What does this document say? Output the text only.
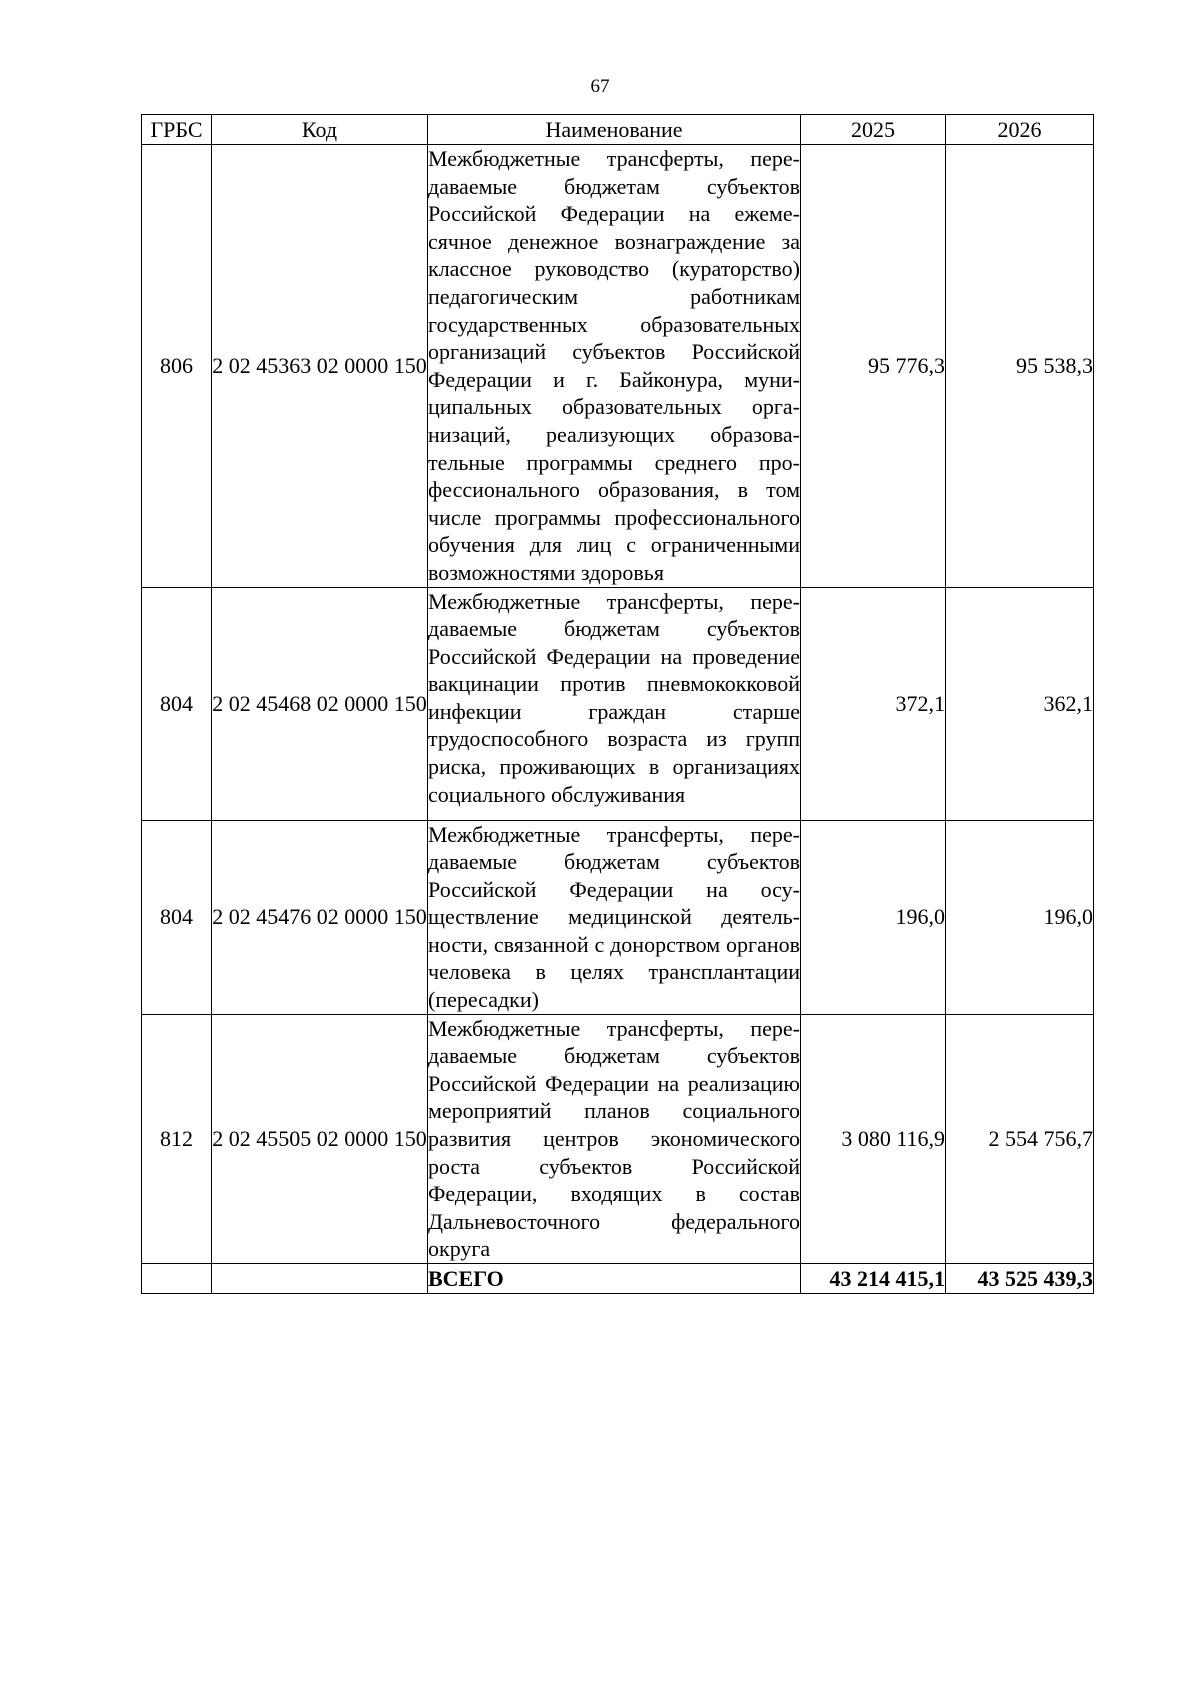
67
ГРБС	Код	Наименование	2025	2026
806	2 02 45363 02 0000 150	Межбюджетные трансферты, передаваемые бюджетам субъектов Российской Федерации на ежемесячное денежное вознаграждение за классное руководство (кураторство) педагогическим работникам государственных образовательных организаций субъектов Российской Федерации и г. Байконура, муниципальных образовательных организаций, реализующих образовательные программы среднего профессионального образования, в том числе программы профессионального обучения для лиц с ограниченными возможностями здоровья	95 776,3	95 538,3
804	2 02 45468 02 0000 150	Межбюджетные трансферты, передаваемые бюджетам субъектов Российской Федерации на проведение вакцинации против пневмококковой инфекции граждан старше трудоспособного возраста из групп риска, проживающих в организациях социального обслуживания	372,1	362,1
804	2 02 45476 02 0000 150	Межбюджетные трансферты, передаваемые бюджетам субъектов Российской Федерации на осуществление медицинской деятельности, связанной с донорством органов человека в целях трансплантации (пересадки)	196,0	196,0
812	2 02 45505 02 0000 150	Межбюджетные трансферты, передаваемые бюджетам субъектов Российской Федерации на реализацию мероприятий планов социального развития центров экономического роста субъектов Российской Федерации, входящих в состав Дальневосточного федерального округа	3 080 116,9	2 554 756,7
		ВСЕГО	43 214 415,1	43 525 439,3
